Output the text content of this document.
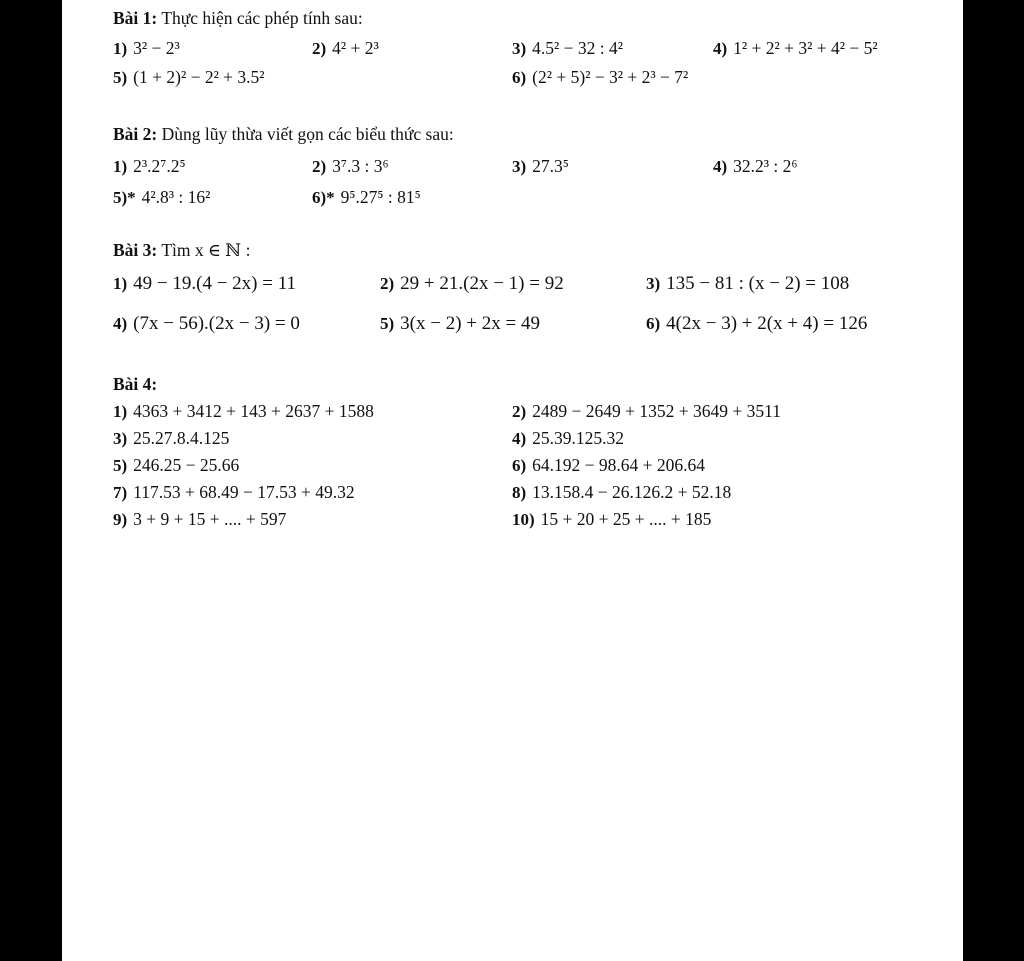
Bài 1: Thực hiện các phép tính sau:
1) 3² − 2³	2) 4² + 2³	3) 4.5² − 32 : 4²	4) 1² + 2² + 3² + 4² − 5²
5) (1 + 2)² − 2² + 3.5²	6) (2² + 5)² − 3² + 2³ − 7²
Bài 2: Dùng lũy thừa viết gọn các biểu thức sau:
1) 2³.2⁷.2⁵	2) 3⁷.3 : 3⁶	3) 27.3⁵	4) 32.2³ : 2⁶
5)* 4².8³ : 16²	6)* 9⁵.27⁵ : 81⁵
Bài 3: Tìm x ∈ ℕ :
1) 49 − 19.(4 − 2x) = 11	2) 29 + 21.(2x − 1) = 92	3) 135 − 81 : (x − 2) = 108
4) (7x − 56).(2x − 3) = 0	5) 3(x − 2) + 2x = 49	6) 4(2x − 3) + 2(x + 4) = 126
Bài 4:
1) 4363 + 3412 + 143 + 2637 + 1588	2) 2489 − 2649 + 1352 + 3649 + 3511
3) 25.27.8.4.125	4) 25.39.125.32
5) 246.25 − 25.66	6) 64.192 − 98.64 + 206.64
7) 117.53 + 68.49 − 17.53 + 49.32	8) 13.158.4 − 26.126.2 + 52.18
9) 3 + 9 + 15 + .... + 597	10) 15 + 20 + 25 + .... + 185
